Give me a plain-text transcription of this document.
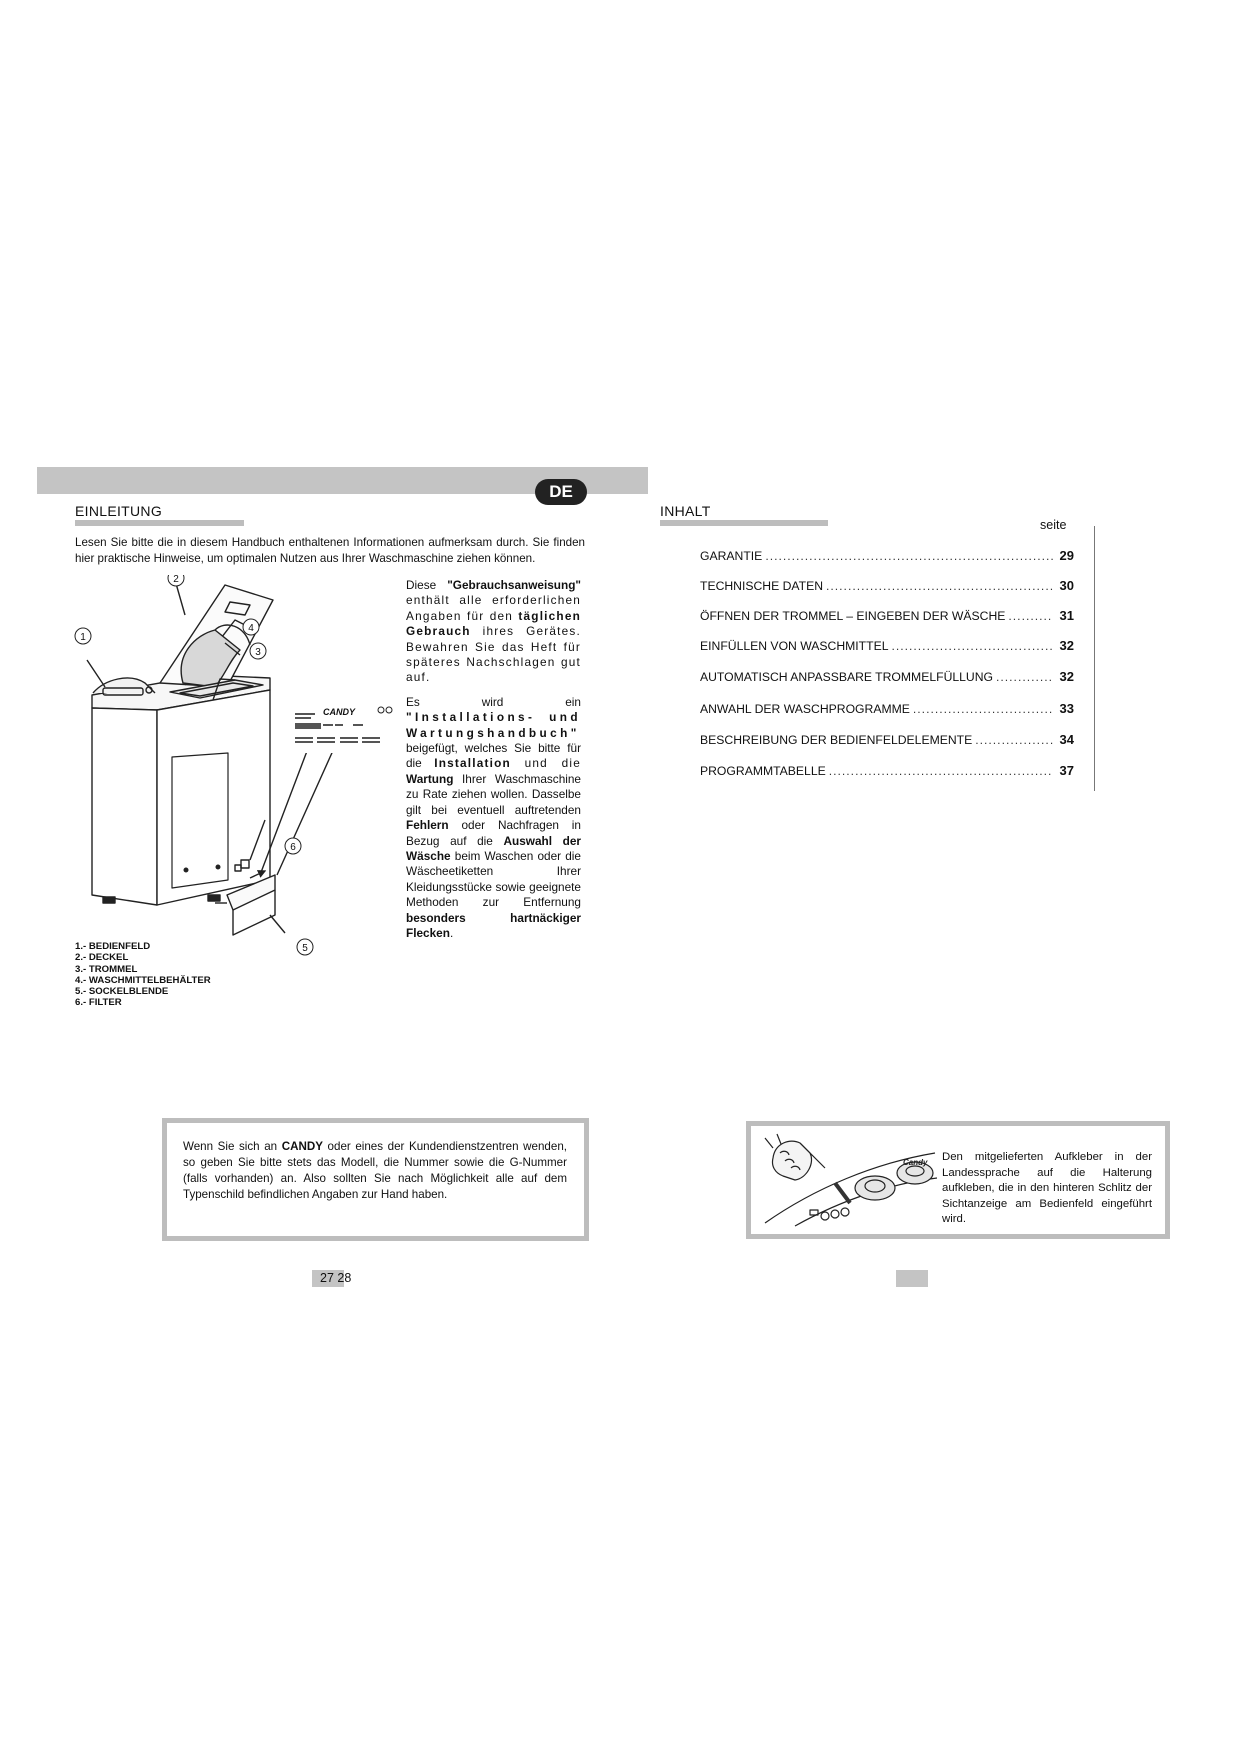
DE
EINLEITUNG
Lesen Sie bitte die in diesem Handbuch enthaltenen Informationen aufmerksam durch. Sie finden hier praktische Hinweise, um optimalen Nutzen aus Ihrer Waschmaschine ziehen können.
1
2
3
4
5
6
CANDY

Diese "Gebrauchsanweisung" enthält alle erforderlichen Angaben für den täglichen Gebrauch ihres Gerätes. Bewahren Sie das Heft für späteres Nachschlagen gut auf.

Es wird ein "Installations- und Wartungshandbuch" beigefügt, welches Sie bitte für die Installation und die Wartung Ihrer Waschmaschine zu Rate ziehen wollen. Dasselbe gilt bei eventuell auftretenden Fehlern oder Nachfragen in Bezug auf die Auswahl der Wäsche beim Waschen oder die Wäscheetiketten Ihrer Kleidungsstücke sowie geeignete Methoden zur Entfernung besonders hartnäckiger Flecken.

1.- BEDIENFELD
2.- DECKEL
3.- TROMMEL
4.- WASCHMITTELBEHÄLTER
5.- SOCKELBLENDE
6.- FILTER
Wenn Sie sich an CANDY oder eines der Kundendienstzentren wenden, so geben Sie bitte stets das Modell, die Nummer sowie die G-Nummer (falls vorhanden) an. Also sollten Sie nach Möglichkeit alle auf dem Typenschild befindlichen Angaben zur Hand haben.
27 28
INHALT
seite
GARANTIE .....	29
TECHNISCHE DATEN .....	30
ÖFFNEN DER TROMMEL – EINGEBEN DER WÄSCHE .....	31
EINFÜLLEN VON WASCHMITTEL .....	32
AUTOMATISCH ANPASSBARE TROMMELFÜLLUNG .....	32
ANWAHL DER WASCHPROGRAMME .....	33
BESCHREIBUNG DER BEDIENFELDELEMENTE .....	34
PROGRAMMTABELLE .....	37
Candy Den mitgelieferten Aufkleber in der Landessprache auf die Halterung aufkleben, die in den hinteren Schlitz der Sichtanzeige am Bedienfeld eingeführt wird.
